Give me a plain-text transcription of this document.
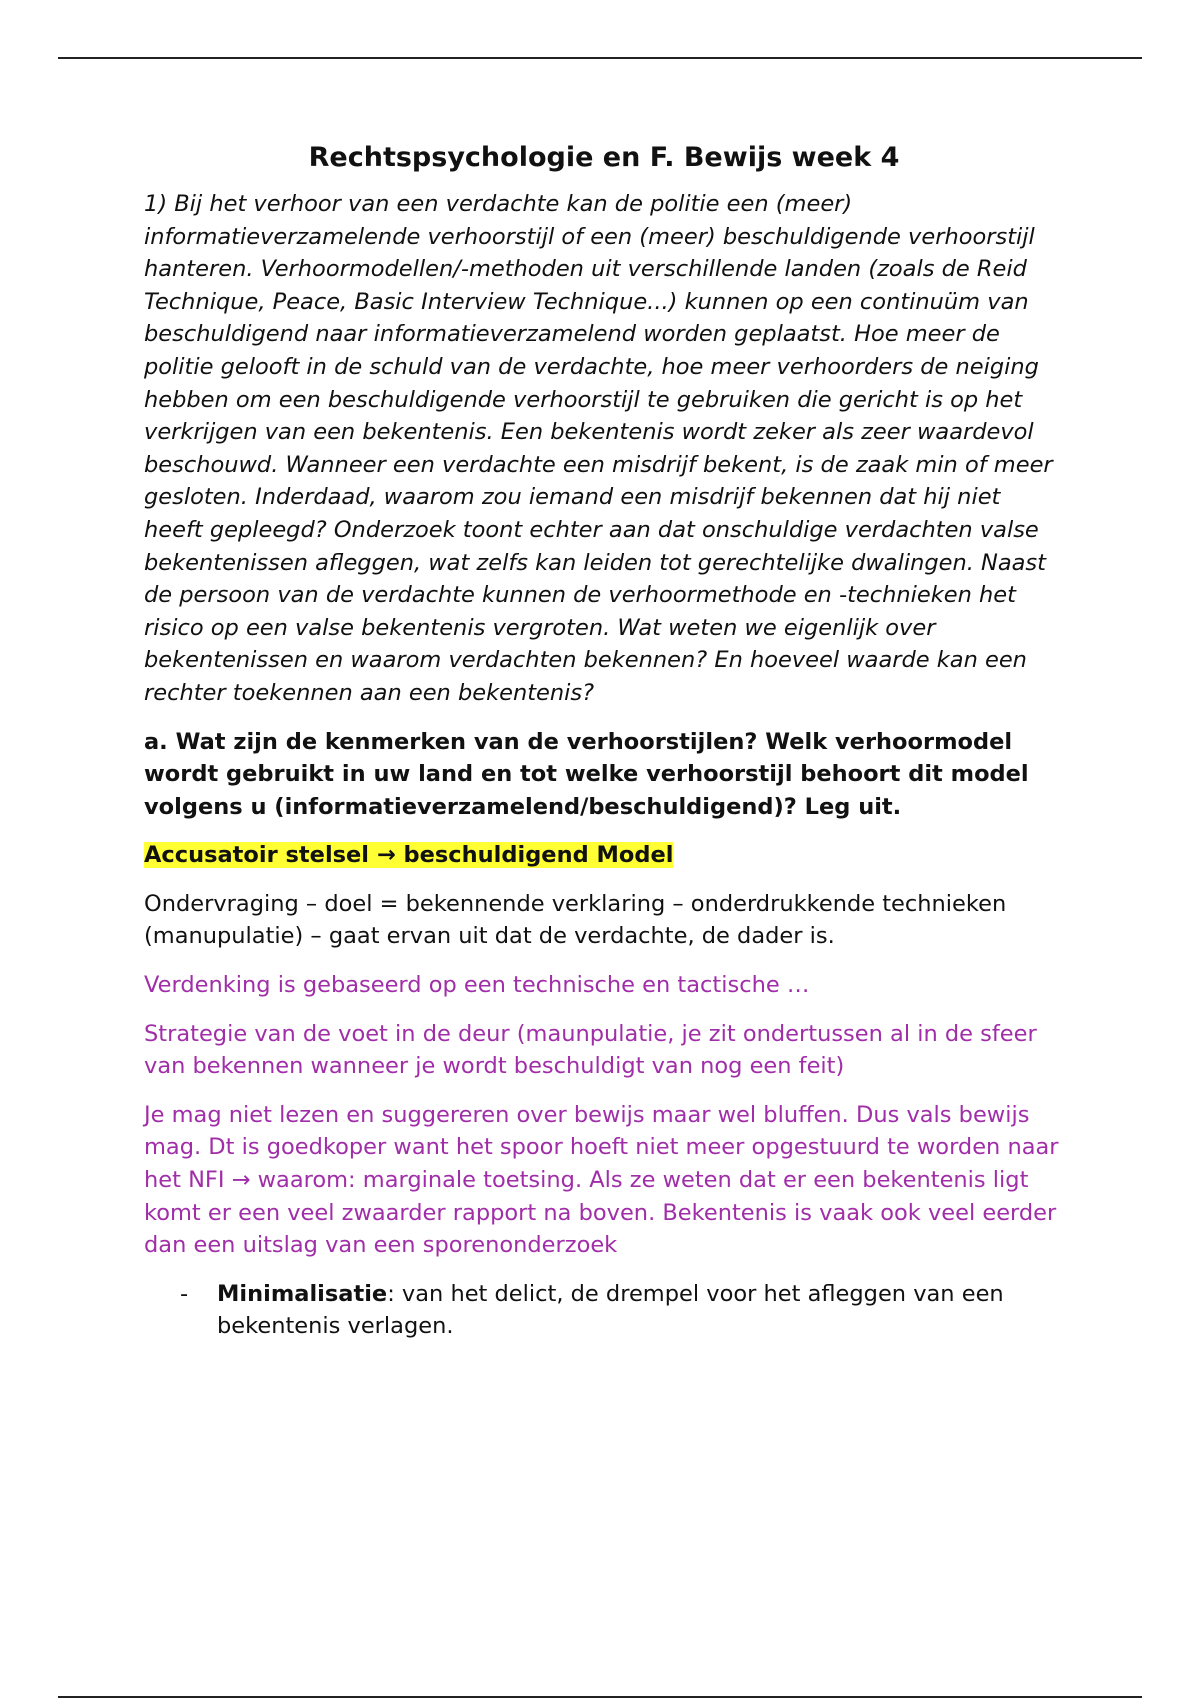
Rechtspsychologie en F. Bewijs week 4

1) Bij het verhoor van een verdachte kan de politie een (meer) informatieverzamelende verhoorstijl of een (meer) beschuldigende verhoorstijl hanteren. Verhoormodellen/-methoden uit verschillende landen (zoals de Reid Technique, Peace, Basic Interview Technique...) kunnen op een continuüm van beschuldigend naar informatieverzamelend worden geplaatst. Hoe meer de politie gelooft in de schuld van de verdachte, hoe meer verhoorders de neiging hebben om een beschuldigende verhoorstijl te gebruiken die gericht is op het verkrijgen van een bekentenis. Een bekentenis wordt zeker als zeer waardevol beschouwd. Wanneer een verdachte een misdrijf bekent, is de zaak min of meer gesloten. Inderdaad, waarom zou iemand een misdrijf bekennen dat hij niet heeft gepleegd? Onderzoek toont echter aan dat onschuldige verdachten valse bekentenissen afleggen, wat zelfs kan leiden tot gerechtelijke dwalingen. Naast de persoon van de verdachte kunnen de verhoormethode en -technieken het risico op een valse bekentenis vergroten. Wat weten we eigenlijk over bekentenissen en waarom verdachten bekennen? En hoeveel waarde kan een rechter toekennen aan een bekentenis?

a. Wat zijn de kenmerken van de verhoorstijlen? Welk verhoormodel wordt gebruikt in uw land en tot welke verhoorstijl behoort dit model volgens u (informatieverzamelend/beschuldigend)? Leg uit.

Accusatoir stelsel → beschuldigend Model

Ondervraging – doel = bekennende verklaring – onderdrukkende technieken (manupulatie) – gaat ervan uit dat de verdachte, de dader is.

Verdenking is gebaseerd op een technische en tactische …

Strategie van de voet in de deur (maunpulatie, je zit ondertussen al in de sfeer van bekennen wanneer je wordt beschuldigt van nog een feit)

Je mag niet lezen en suggereren over bewijs maar wel bluffen. Dus vals bewijs mag. Dt is goedkoper want het spoor hoeft niet meer opgestuurd te worden naar het NFI → waarom: marginale toetsing. Als ze weten dat er een bekentenis ligt komt er een veel zwaarder rapport na boven. Bekentenis is vaak ook veel eerder dan een uitslag van een sporenonderzoek

- Minimalisatie: van het delict, de drempel voor het afleggen van een bekentenis verlagen.
